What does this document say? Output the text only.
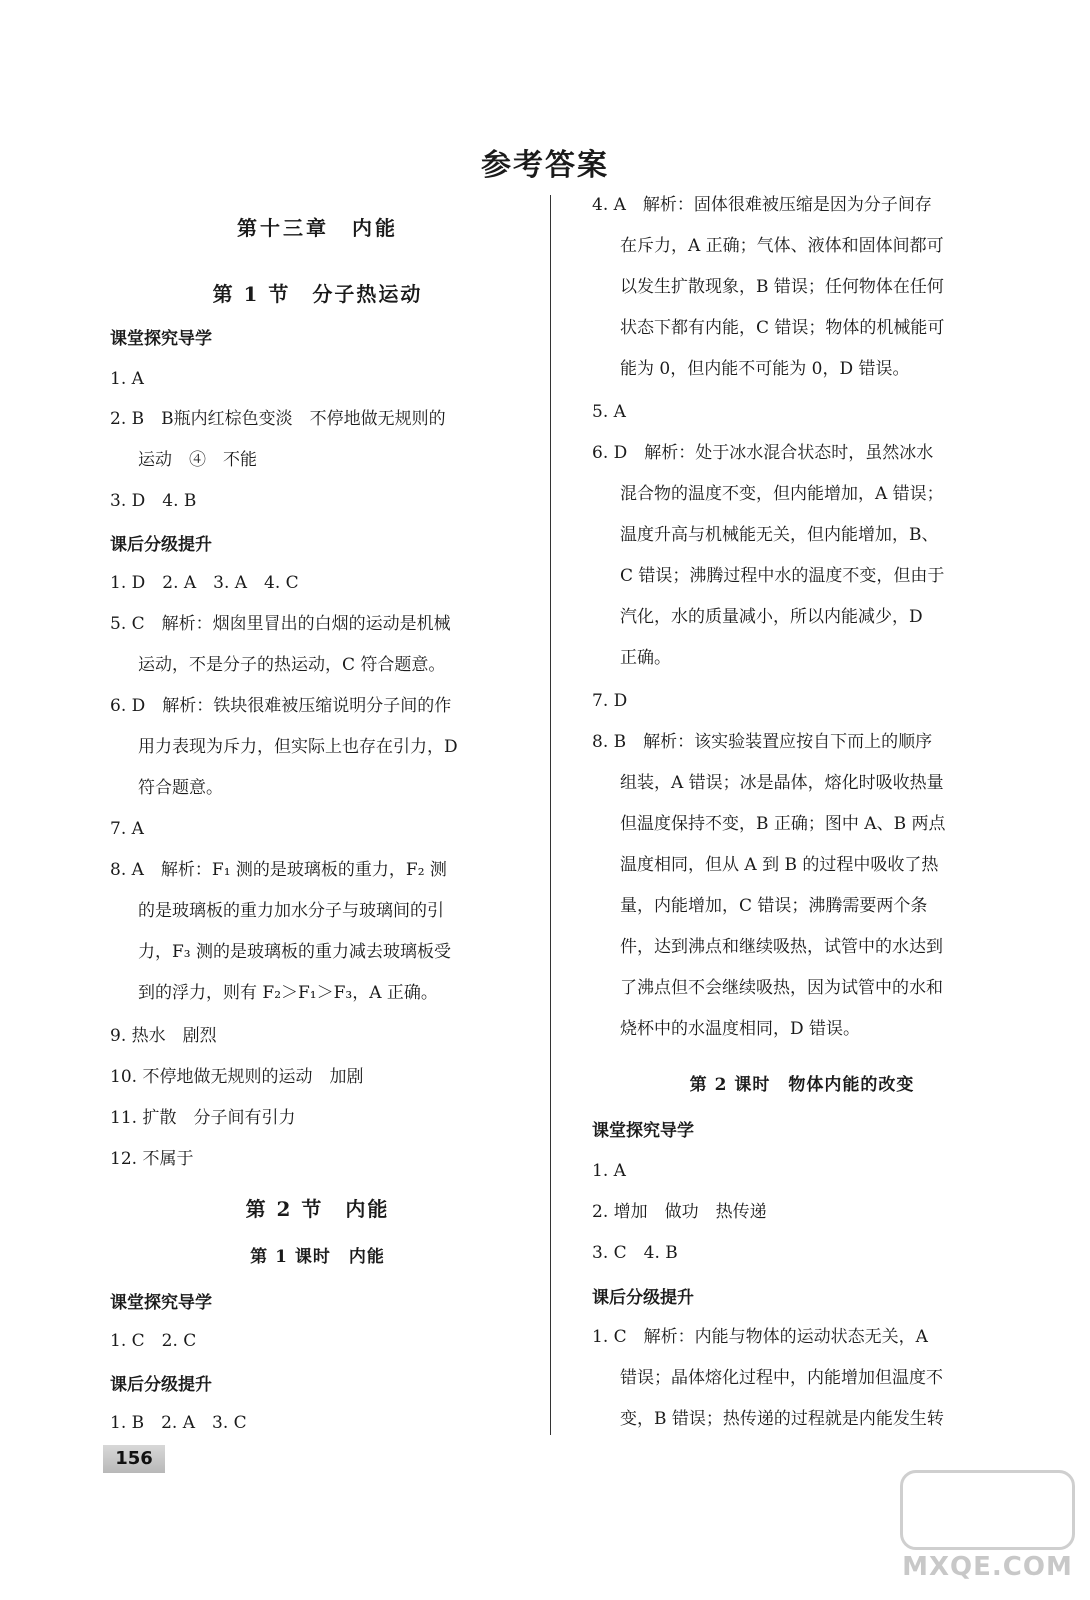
参考答案
第十三章　内能
第 1 节　分子热运动
课堂探究导学
1. A
2. B　B瓶内红棕色变淡　不停地做无规则的
运动　④　不能
3. D　4. B
课后分级提升
1. D　2. A　3. A　4. C
5. C　解析：烟囱里冒出的白烟的运动是机械
运动，不是分子的热运动，C 符合题意。
6. D　解析：铁块很难被压缩说明分子间的作
用力表现为斥力，但实际上也存在引力，D
符合题意。
7. A
8. A　解析：F₁ 测的是玻璃板的重力，F₂ 测
的是玻璃板的重力加水分子与玻璃间的引
力，F₃ 测的是玻璃板的重力减去玻璃板受
到的浮力，则有 F₂＞F₁＞F₃，A 正确。
9. 热水　剧烈
10. 不停地做无规则的运动　加剧
11. 扩散　分子间有引力
12. 不属于
第 2 节　内能
第 1 课时　内能
课堂探究导学
1. C　2. C
课后分级提升
1. B　2. A　3. C
4. A　解析：固体很难被压缩是因为分子间存
在斥力，A 正确；气体、液体和固体间都可
以发生扩散现象，B 错误；任何物体在任何
状态下都有内能，C 错误；物体的机械能可
能为 0，但内能不可能为 0，D 错误。
5. A
6. D　解析：处于冰水混合状态时，虽然冰水
混合物的温度不变，但内能增加，A 错误；
温度升高与机械能无关，但内能增加，B、
C 错误；沸腾过程中水的温度不变，但由于
汽化，水的质量减小，所以内能减少，D
正确。
7. D
8. B　解析：该实验装置应按自下而上的顺序
组装，A 错误；冰是晶体，熔化时吸收热量
但温度保持不变，B 正确；图中 A、B 两点
温度相同，但从 A 到 B 的过程中吸收了热
量，内能增加，C 错误；沸腾需要两个条
件，达到沸点和继续吸热，试管中的水达到
了沸点但不会继续吸热，因为试管中的水和
烧杯中的水温度相同，D 错误。
第 2 课时　物体内能的改变
课堂探究导学
1. A
2. 增加　做功　热传递
3. C　4. B
课后分级提升
1. C　解析：内能与物体的运动状态无关，A
错误；晶体熔化过程中，内能增加但温度不
变，B 错误；热传递的过程就是内能发生转
156
MXQE.COM
